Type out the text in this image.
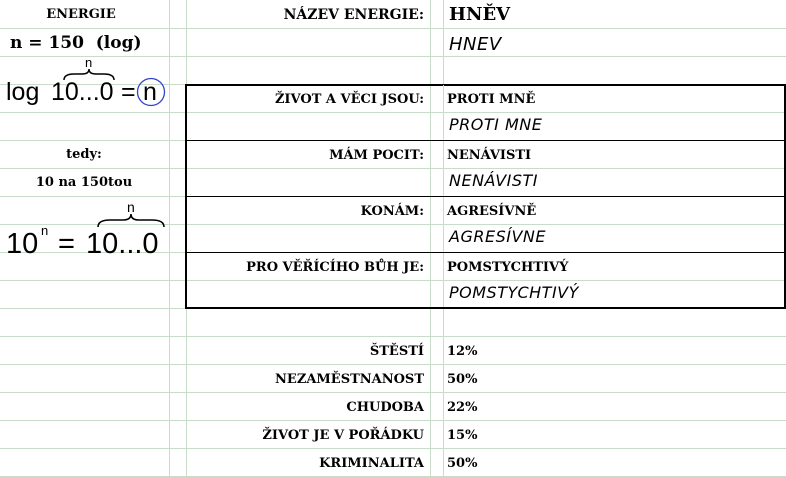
ENERGIE
n = 150  (log)
log 10...0 = n
n
tedy:
10 na 150tou
10 n = 10...0
n
NÁZEV ENERGIE: HNĚV
HNEV
ŽIVOT A VĚCI JSOU: PROTI MNĚ
PROTI MNE
MÁM POCIT: NENÁVISTI
NENÁVISTI
KONÁM: AGRESÍVNĚ
AGRESÍVNE
PRO VĚŘÍCÍHO BŮH JE: POMSTYCHTIVÝ
POMSTYCHTIVÝ
ŠTĚSTÍ 12%
NEZAMĚSTNANOST 50%
CHUDOBA 22%
ŽIVOT JE V POŘÁDKU 15%
KRIMINALITA 50%
